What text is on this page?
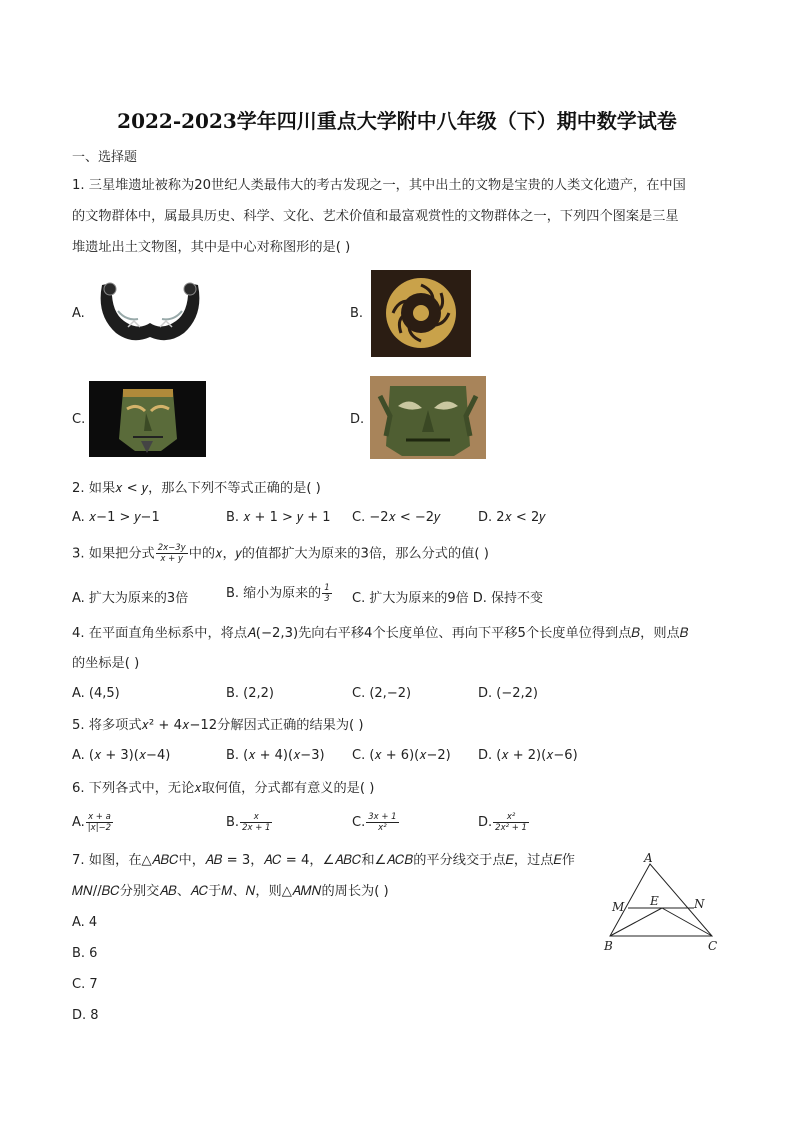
2022-2023学年四川重点大学附中八年级（下）期中数学试卷
一、选择题
1. 三星堆遗址被称为20世纪人类最伟大的考古发现之一，其中出土的文物是宝贵的人类文化遗产，在中国
的文物群体中，属最具历史、科学、文化、艺术价值和最富观赏性的文物群体之一，下列四个图案是三星
堆遗址出土文物图，其中是中心对称图形的是( )
A.	B.
C.	D.
2. 如果𝑥 < 𝑦，那么下列不等式正确的是( )
A. 𝑥−1 > 𝑦−1	B. 𝑥 + 1 > 𝑦 + 1 C. −2𝑥 < −2𝑦	D. 2𝑥 < 2𝑦
3. 如果把分式 $\frac{2x-3y}{x + y}$ 中的𝑥，𝑦的值都扩大为原来的3倍，那么分式的值( )
A. 扩大为原来的3倍	B. 缩小为原来的 $\frac{1}{3} C$. 扩大为原来的9倍 D. 保持不变
4. 在平面直角坐标系中，将点𝐴(−2,3)先向右平移4个长度单位、再向下平移5个长度单位得到点𝐵，则点𝐵
的坐标是( )
A. (4,5)	B. (2,2)	C. (2,−2)	D. (−2,2)
5. 将多项式𝑥² + 4𝑥−12分解因式正确的结果为( )
A. (𝑥 + 3)(𝑥−4)	B. (𝑥 + 4)(𝑥−3) C. (𝑥 + 6)(𝑥−2) D. (𝑥 + 2)(𝑥−6)
6. 下列各式中，无论𝑥取何值，分式都有意义的是( )
A. $\frac{x + a}{|x|-2}$	B. $\frac{x}{2x + 1}$	C. $\frac{3x + 1}{\text{x²}}$	D. $\frac{\text{x²}}{\text{2x² + 1}}$
7. 如图，在△𝐴𝐵𝐶中，𝐴𝐵 = 3，𝐴𝐶 = 4，∠𝐴𝐵𝐶和∠𝐴𝐶𝐵的平分线交于点𝐸，过点𝐸作
𝑀𝑁//𝐵𝐶分别交𝐴𝐵、𝐴𝐶于𝑀、𝑁，则△𝐴𝑀𝑁的周长为( )
A. 4
B. 6
C. 7
D. 8
A
B	C
M	N
E
